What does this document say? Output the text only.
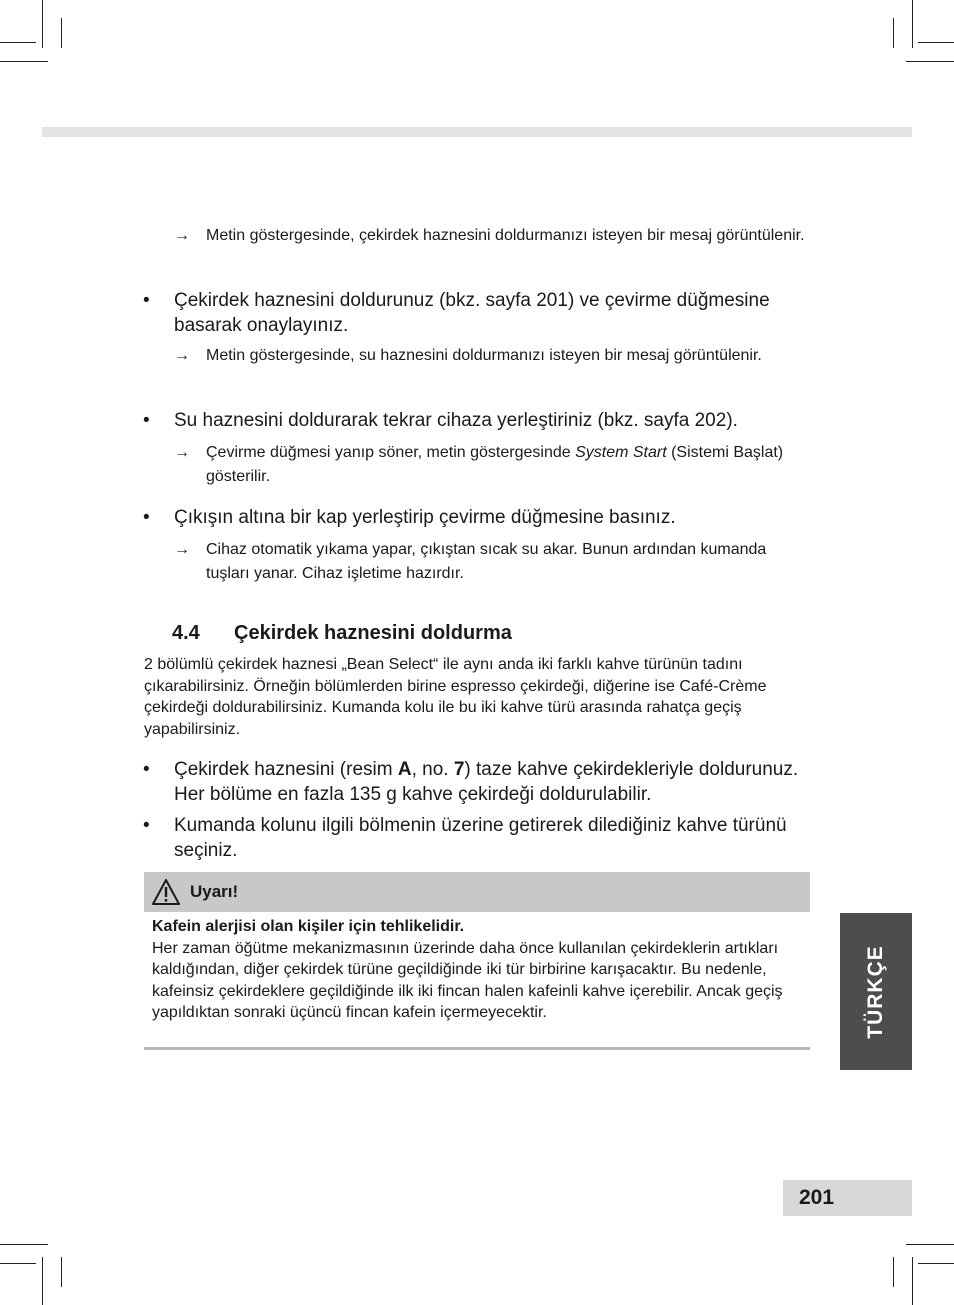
→	Metin göstergesinde, çekirdek haznesini doldurmanızı isteyen bir mesaj görüntülenir.
• Çekirdek haznesini doldurunuz (bkz. sayfa 201) ve çevirme düğmesine basarak onaylayınız.
→	Metin göstergesinde, su haznesini doldurmanızı isteyen bir mesaj görüntülenir.
• Su haznesini doldurarak tekrar cihaza yerleştiriniz (bkz. sayfa 202).
→	Çevirme düğmesi yanıp söner, metin göstergesinde System Start (Sistemi Başlat) gösterilir.
• Çıkışın altına bir kap yerleştirip çevirme düğmesine basınız.
→	Cihaz otomatik yıkama yapar, çıkıştan sıcak su akar. Bunun ardından kumanda tuşları yanar. Cihaz işletime hazırdır.
4.4 Çekirdek haznesini doldurma
2 bölümlü çekirdek haznesi „Bean Select“ ile aynı anda iki farklı kahve türünün tadını çıkarabilirsiniz. Örneğin bölümlerden birine espresso çekirdeği, diğerine ise Café-Crème çekirdeği doldurabilirsiniz. Kumanda kolu ile bu iki kahve türü arasında rahatça geçiş yapabilirsiniz.
• Çekirdek haznesini (resim A, no. 7) taze kahve çekirdekleriyle doldurunuz. Her bölüme en fazla 135 g kahve çekirdeği doldurulabilir.
• Kumanda kolunu ilgili bölmenin üzerine getirerek dilediğiniz kahve türünü seçiniz.
Uyarı!
Kafein alerjisi olan kişiler için tehlikelidir.
Her zaman öğütme mekanizmasının üzerinde daha önce kullanılan çekirdeklerin artıkları kaldığından, diğer çekirdek türüne geçildiğinde iki tür birbirine karışacaktır. Bu nedenle, kafeinsiz çekirdeklere geçildiğinde ilk iki fincan halen kafeinli kahve içerebilir. Ancak geçiş yapıldıktan sonraki üçüncü fincan kafein içermeyecektir.	TÜRKÇE
201
